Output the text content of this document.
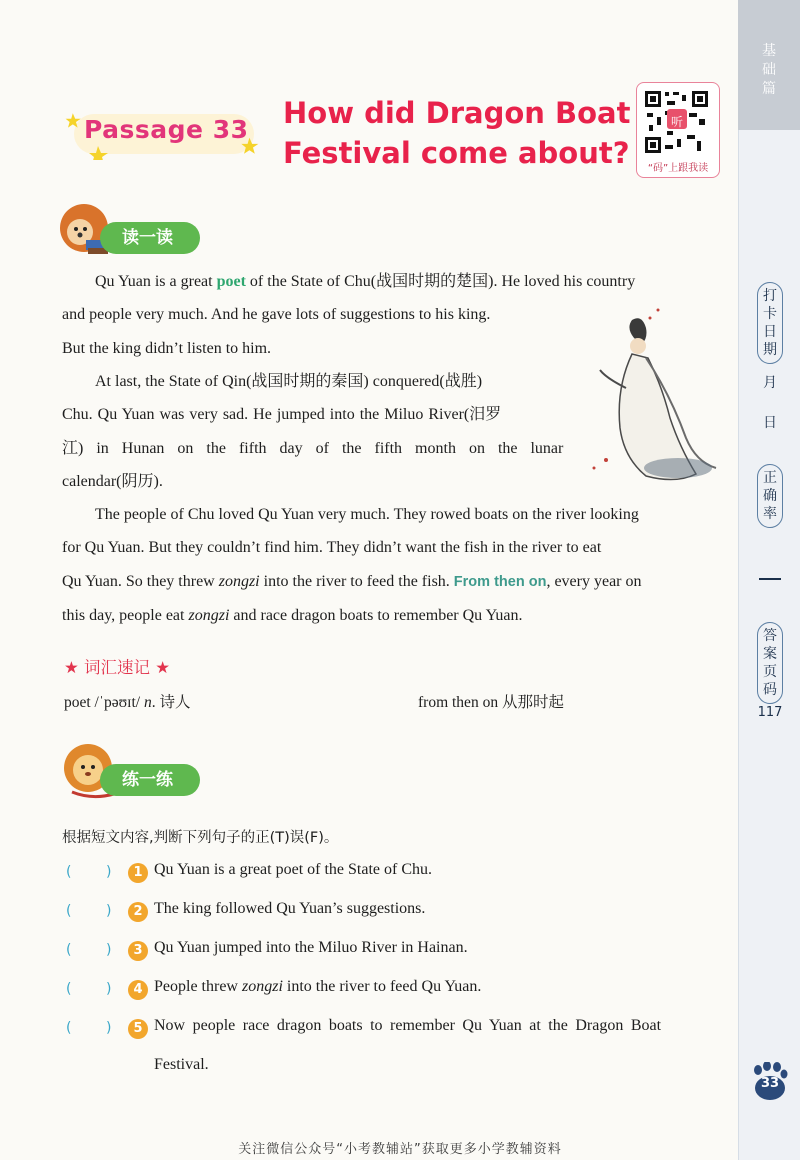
基础篇
打卡日期
月
日
正确率
答案页码
117
33
Passage 33 How did Dragon Boat
Festival come about?
听
“码”上跟我读
读一读

Qu Yuan is a great poet of the State of Chu(战国时期的楚国). He loved his country

and people very much. And he gave lots of suggestions to his king.

But the king didn’t listen to him.

At last, the State of Qin(战国时期的秦国) conquered(战胜)

Chu. Qu Yuan was very sad. He jumped into the Miluo River(汨罗

江) in Hunan on the fifth day of the fifth month on the lunar

calendar(阴历).

The people of Chu loved Qu Yuan very much. They rowed boats on the river looking

for Qu Yuan. But they couldn’t find him. They didn’t want the fish in the river to eat

Qu Yuan. So they threw zongzi into the river to feed the fish. From then on, every year on

this day, people eat zongzi and race dragon boats to remember Qu Yuan.

★ 词汇速记 ★
poet /ˈpəʊɪt/ n. 诗人	from then on 从那时起
练一练
根据短文内容,判断下列句子的正(T)误(F)。
( )	1 Qu Yuan is a great poet of the State of Chu.
( )	2 The king followed Qu Yuan’s suggestions.
( )	3 Qu Yuan jumped into the Miluo River in Hainan.
( )	4 People threw zongzi into the river to feed Qu Yuan.
( )	5 Now people race dragon boats to remember Qu Yuan at the Dragon Boat
Festival.
关注微信公众号“小考教辅站”获取更多小学教辅资料
